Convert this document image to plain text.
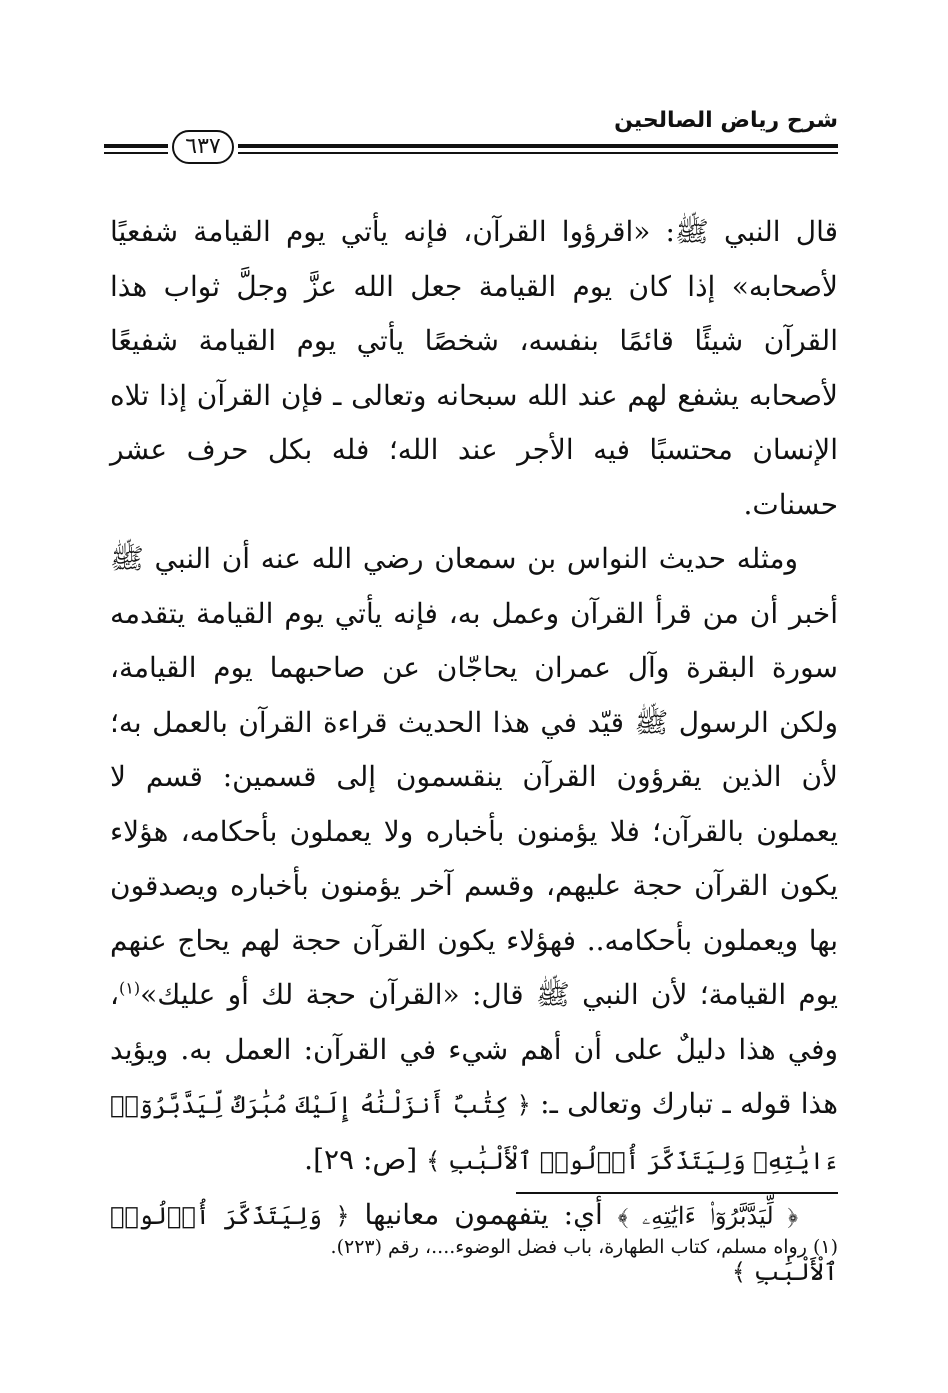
شرح رياض الصالحين
٦٣٧

قال النبي ﷺ: «اقرؤوا القرآن، فإنه يأتي يوم القيامة شفعيًا لأصحابه» إذا كان يوم القيامة جعل الله عزَّ وجلَّ ثواب هذا القرآن شيئًا قائمًا بنفسه، شخصًا يأتي يوم القيامة شفيعًا لأصحابه يشفع لهم عند الله سبحانه وتعالى ـ فإن القرآن إذا تلاه الإنسان محتسبًا فيه الأجر عند الله؛ فله بكل حرف عشر حسنات.

ومثله حديث النواس بن سمعان رضي الله عنه أن النبي ﷺ أخبر أن من قرأ القرآن وعمل به، فإنه يأتي يوم القيامة يتقدمه سورة البقرة وآل عمران يحاجّان عن صاحبهما يوم القيامة، ولكن الرسول ﷺ قيّد في هذا الحديث قراءة القرآن بالعمل به؛ لأن الذين يقرؤون القرآن ينقسمون إلى قسمين: قسم لا يعملون بالقرآن؛ فلا يؤمنون بأخباره ولا يعملون بأحكامه، هؤلاء يكون القرآن حجة عليهم، وقسم آخر يؤمنون بأخباره ويصدقون بها ويعملون بأحكامه.. فهؤلاء يكون القرآن حجة لهم يحاج عنهم يوم القيامة؛ لأن النبي ﷺ قال: «القرآن حجة لك أو عليك»$^{(١)}$، وفي هذا دليلٌ على أن أهم شيء في القرآن: العمل به. ويؤيد هذا قوله ـ تبارك وتعالى ـ: ﴿ كِتَٰبٌ أَنزَلْنَٰهُ إِلَيْكَ مُبَٰرَكٌ لِّيَدَّبَّرُوٓا۟ ءَايَٰتِهِۦ وَلِيَتَذَكَّرَ أُو۟لُوا۟ ٱلْأَلْبَٰبِ ﴾ [ص: ٢٩].

﴿ لِّيَدَّبَّرُوٓا۟ ءَايَٰتِهِۦ ﴾ أي: يتفهمون معانيها ﴿ وَلِيَتَذَكَّرَ أُو۟لُوا۟ ٱلْأَلْبَٰبِ ﴾

(١) رواه مسلم، كتاب الطهارة، باب فضل الوضوء....، رقم (٢٢٣).
